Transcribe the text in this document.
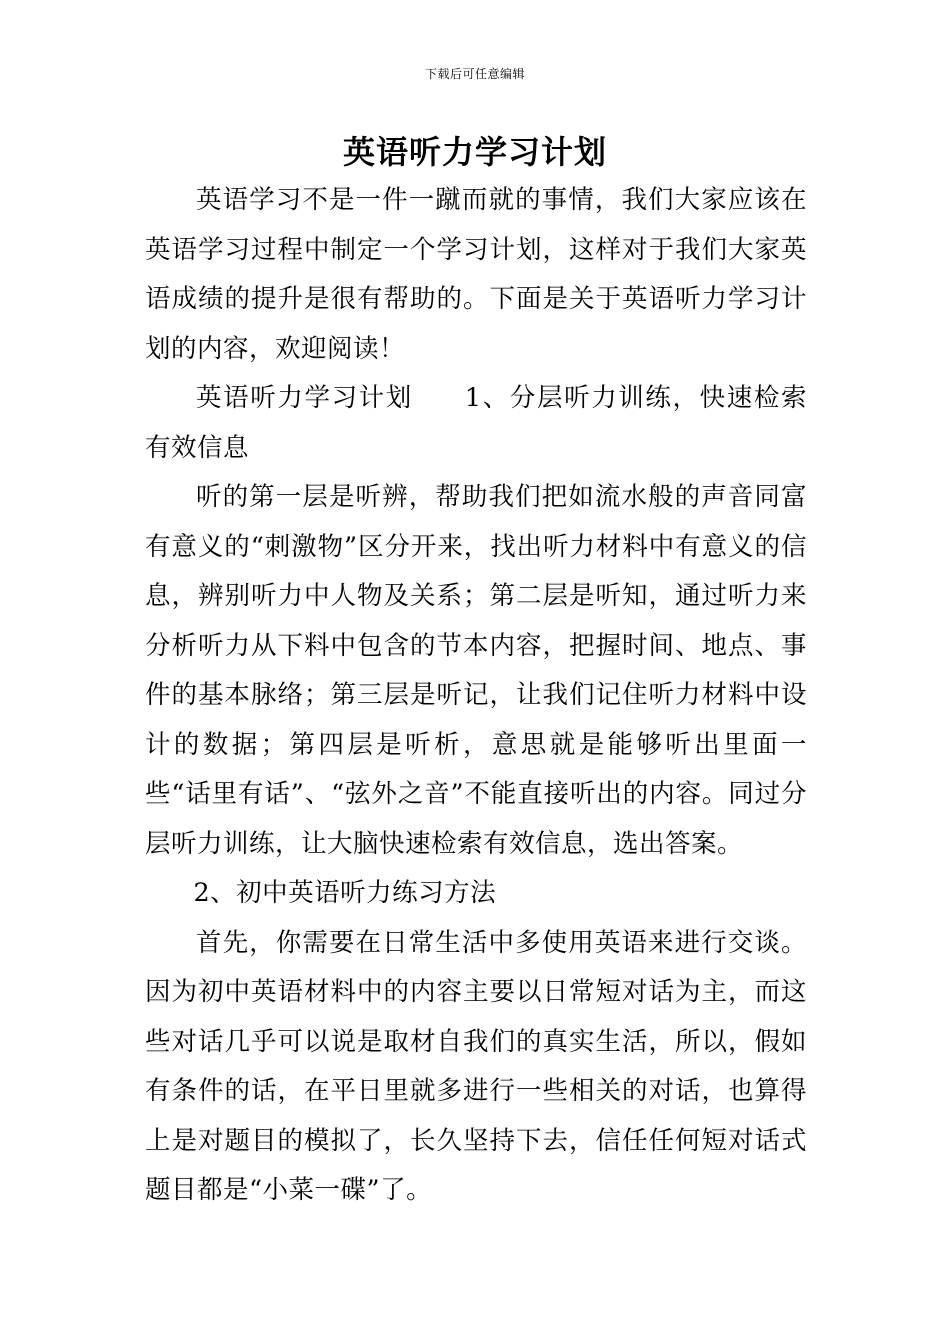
下载后可任意编辑
英语听力学习计划

英语学习不是一件一蹴而就的事情，我们大家应该在英语学习过程中制定一个学习计划，这样对于我们大家英语成绩的提升是很有帮助的。下面是关于英语听力学习计划的内容，欢迎阅读！

英语听力学习计划 1、分层听力训练，快速检索有效信息

听的第一层是听辨，帮助我们把如流水般的声音同富有意义的“刺激物”区分开来，找出听力材料中有意义的信息，辨别听力中人物及关系；第二层是听知，通过听力来分析听力从下料中包含的节本内容，把握时间、地点、事件的基本脉络；第三层是听记，让我们记住听力材料中设计的数据；第四层是听析，意思就是能够听出里面一些“话里有话”、“弦外之音”不能直接听出的内容。同过分层听力训练，让大脑快速检索有效信息，选出答案。

2、初中英语听力练习方法

首先，你需要在日常生活中多使用英语来进行交谈。因为初中英语材料中的内容主要以日常短对话为主，而这些对话几乎可以说是取材自我们的真实生活，所以，假如有条件的话，在平日里就多进行一些相关的对话，也算得上是对题目的模拟了，长久坚持下去，信任任何短对话式题目都是“小菜一碟”了。
